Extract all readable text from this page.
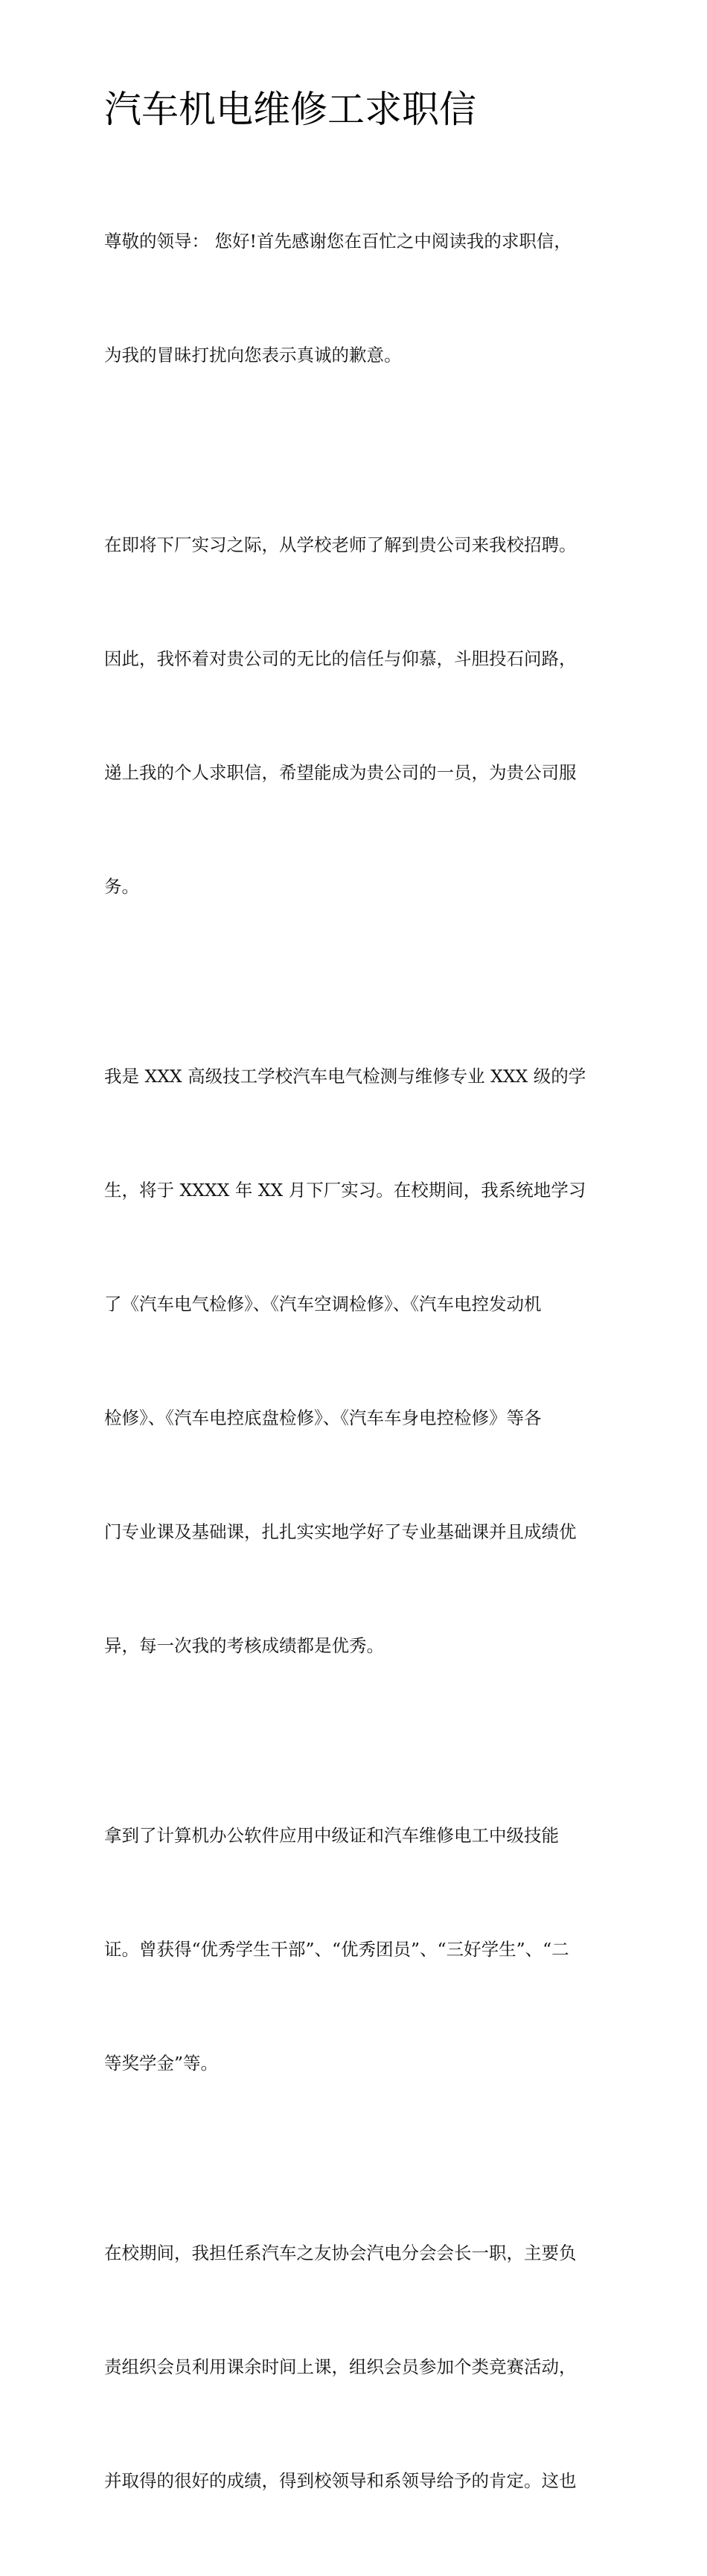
汽车机电维修工求职信

尊敬的领导： 您好!首先感谢您在百忙之中阅读我的求职信，

为我的冒昧打扰向您表示真诚的歉意。

在即将下厂实习之际，从学校老师了解到贵公司来我校招聘。

因此，我怀着对贵公司的无比的信任与仰慕，斗胆投石问路，

递上我的个人求职信，希望能成为贵公司的一员，为贵公司服

务。

我是 XXX 高级技工学校汽车电气检测与维修专业 XXX 级的学

生，将于 XXXX 年 XX 月下厂实习。在校期间，我系统地学习

了《汽车电气检修》、《汽车空调检修》、《汽车电控发动机

检修》、《汽车电控底盘检修》、《汽车车身电控检修》等各

门专业课及基础课，扎扎实实地学好了专业基础课并且成绩优

异，每一次我的考核成绩都是优秀。

拿到了计算机办公软件应用中级证和汽车维修电工中级技能

证。曾获得“优秀学生干部”、“优秀团员”、“三好学生”、“二

等奖学金”等。

在校期间，我担任系汽车之友协会汽电分会会长一职，主要负

责组织会员利用课余时间上课，组织会员参加个类竞赛活动，

并取得的很好的成绩，得到校领导和系领导给予的肯定。这也
